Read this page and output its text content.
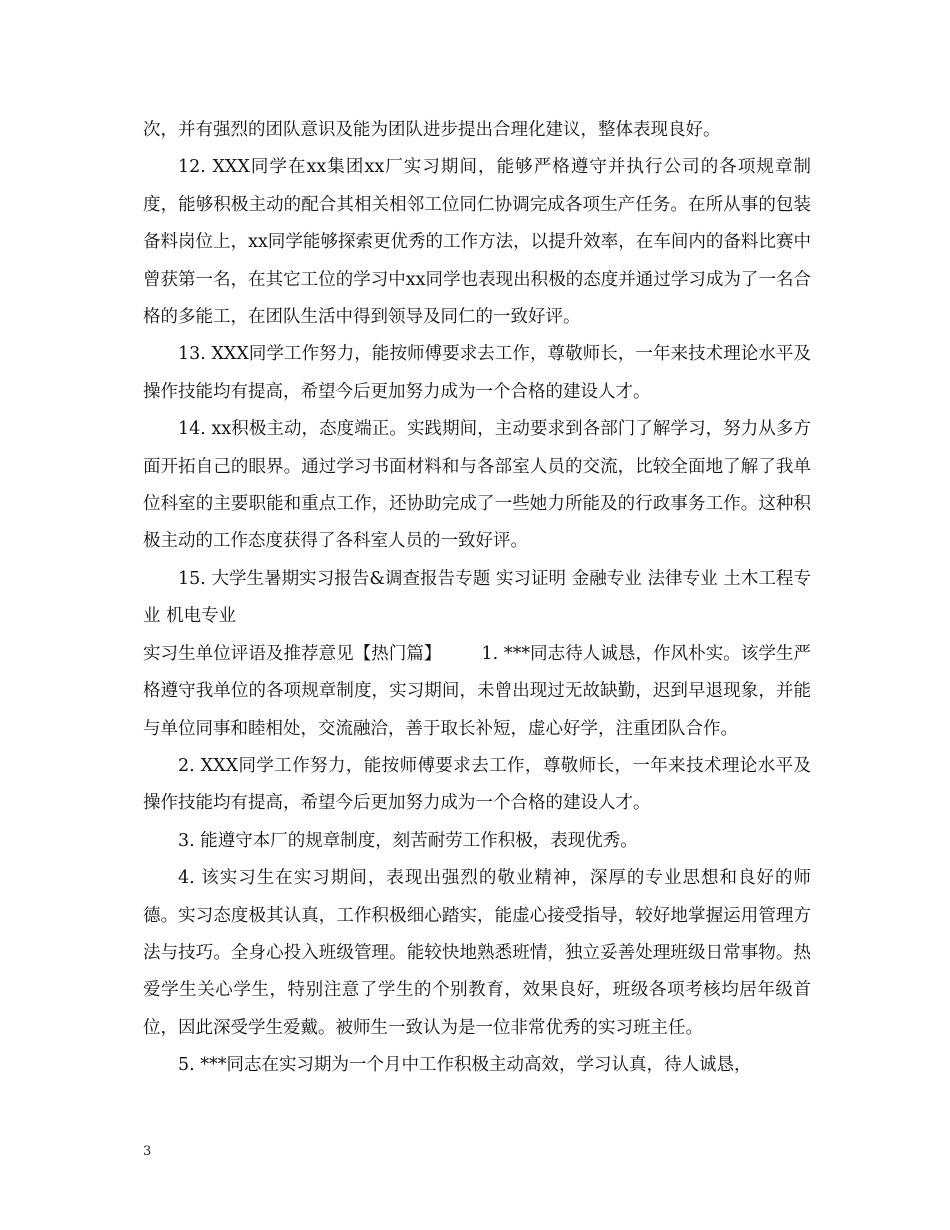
次，并有强烈的团队意识及能为团队进步提出合理化建议，整体表现良好。

12. XXX同学在xx集团xx厂实习期间，能够严格遵守并执行公司的各项规章制度，能够积极主动的配合其相关相邻工位同仁协调完成各项生产任务。在所从事的包装备料岗位上，xx同学能够探索更优秀的工作方法，以提升效率，在车间内的备料比赛中曾获第一名，在其它工位的学习中xx同学也表现出积极的态度并通过学习成为了一名合格的多能工，在团队生活中得到领导及同仁的一致好评。

13. XXX同学工作努力，能按师傅要求去工作，尊敬师长，一年来技术理论水平及操作技能均有提高，希望今后更加努力成为一个合格的建设人才。

14. xx积极主动，态度端正。实践期间，主动要求到各部门了解学习，努力从多方面开拓自己的眼界。通过学习书面材料和与各部室人员的交流，比较全面地了解了我单位科室的主要职能和重点工作，还协助完成了一些她力所能及的行政事务工作。这种积极主动的工作态度获得了各科室人员的一致好评。

15. 大学生暑期实习报告&调查报告专题 实习证明 金融专业 法律专业 土木工程专业 机电专业

实习生单位评语及推荐意见【热门篇】 1. ***同志待人诚恳，作风朴实。该学生严格遵守我单位的各项规章制度，实习期间，未曾出现过无故缺勤，迟到早退现象，并能与单位同事和睦相处，交流融洽，善于取长补短，虚心好学，注重团队合作。

2. XXX同学工作努力，能按师傅要求去工作，尊敬师长，一年来技术理论水平及操作技能均有提高，希望今后更加努力成为一个合格的建设人才。

3. 能遵守本厂的规章制度，刻苦耐劳工作积极，表现优秀。

4. 该实习生在实习期间，表现出强烈的敬业精神，深厚的专业思想和良好的师德。实习态度极其认真，工作积极细心踏实，能虚心接受指导，较好地掌握运用管理方法与技巧。全身心投入班级管理。能较快地熟悉班情，独立妥善处理班级日常事物。热爱学生关心学生，特别注意了学生的个别教育，效果良好，班级各项考核均居年级首位，因此深受学生爱戴。被师生一致认为是一位非常优秀的实习班主任。

5. ***同志在实习期为一个月中工作积极主动高效，学习认真，待人诚恳，

3
